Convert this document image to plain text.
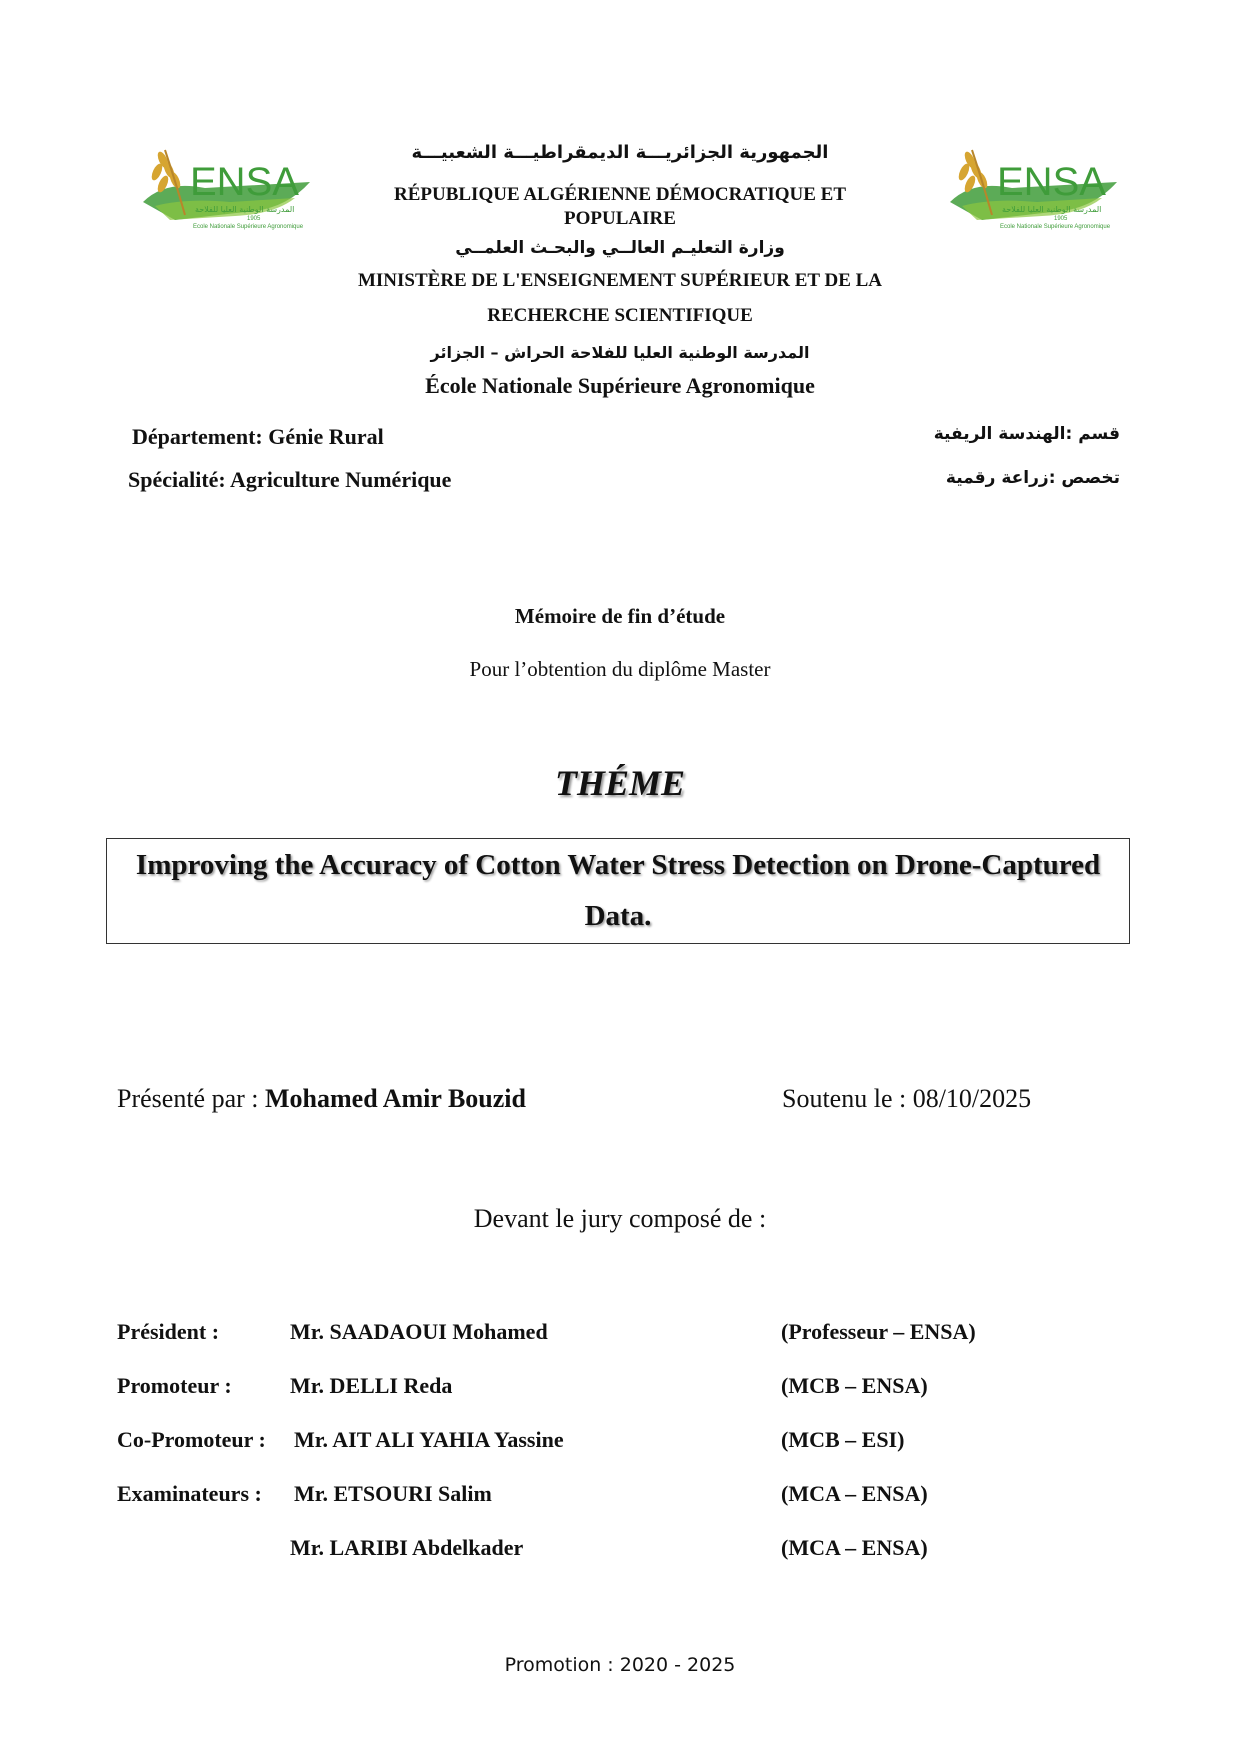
ENSA
المدرسة الوطنية العليا للفلاحة
1905
Ecole Nationale Supérieure Agronomique
ENSA
المدرسة الوطنية العليا للفلاحة
1905
Ecole Nationale Supérieure Agronomique
الجمهورية الجزائريـــة الديمقراطيـــة الشعبيـــة
RÉPUBLIQUE ALGÉRIENNE DÉMOCRATIQUE ET POPULAIRE
وزارة التعليـم العالــي والبحـث العلمــي
MINISTÈRE DE L'ENSEIGNEMENT SUPÉRIEUR ET DE LA
RECHERCHE SCIENTIFIQUE
المدرسة الوطنية العليا للفلاحة الحراش – الجزائر
École Nationale Supérieure Agronomique
Département: Génie Rural
Spécialité: Agriculture Numérique
قسم :الهندسة الريفية
تخصص :زراعة رقمية
Mémoire de fin d’étude
Pour l’obtention du diplôme Master
THÉME
Improving the Accuracy of Cotton Water Stress Detection on Drone-Captured Data.
Présenté par : Mohamed Amir Bouzid	Soutenu le : 08/10/2025
Devant le jury composé de :
Président :	Mr. SAADAOUI Mohamed	(Professeur – ENSA)
Promoteur :	Mr. DELLI Reda	(MCB – ENSA)
Co-Promoteur : Mr. AIT ALI YAHIA Yassine	(MCB – ESI)
Examinateurs : Mr. ETSOURI Salim	(MCA – ENSA)
Mr. LARIBI Abdelkader	(MCA – ENSA)
Promotion : 2020 - 2025
